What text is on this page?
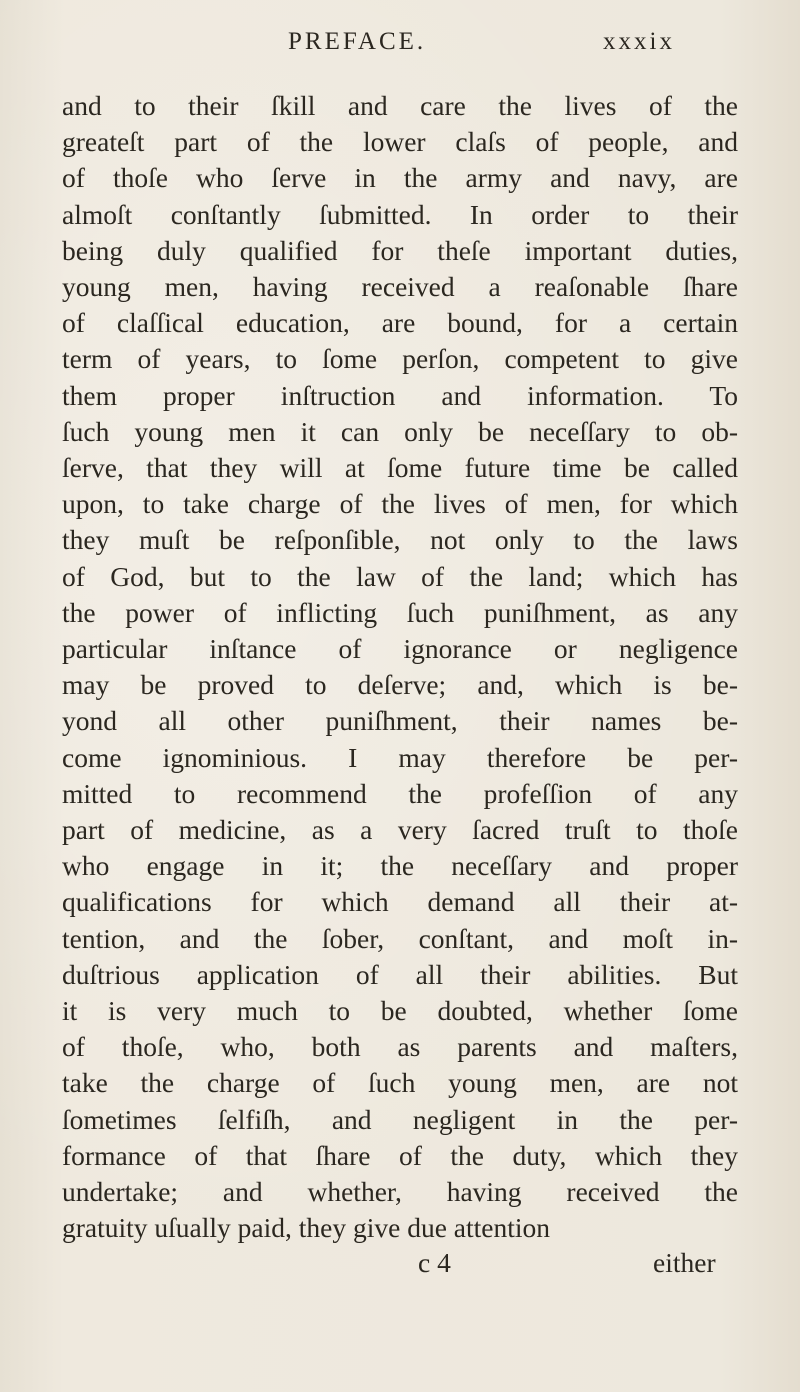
PREFACE.	xxxix
and to their ſkill and care the lives of the
greateſt part of the lower claſs of people, and
of thoſe who ſerve in the army and navy, are
almoſt conſtantly ſubmitted. In order to their
being duly qualified for theſe important duties,
young men, having received a reaſonable ſhare
of claſſical education, are bound, for a certain
term of years, to ſome perſon, competent to give
them proper inſtruction and information. To
ſuch young men it can only be neceſſary to ob-
ſerve, that they will at ſome future time be called
upon, to take charge of the lives of men, for which
they muſt be reſponſible, not only to the laws
of God, but to the law of the land; which has
the power of inflicting ſuch puniſhment, as any
particular inſtance of ignorance or negligence
may be proved to deſerve; and, which is be-
yond all other puniſhment, their names be-
come ignominious. I may therefore be per-
mitted to recommend the profeſſion of any
part of medicine, as a very ſacred truſt to thoſe
who engage in it; the neceſſary and proper
qualifications for which demand all their at-
tention, and the ſober, conſtant, and moſt in-
duſtrious application of all their abilities. But
it is very much to be doubted, whether ſome
of thoſe, who, both as parents and maſters,
take the charge of ſuch young men, are not
ſometimes ſelfiſh, and negligent in the per-
formance of that ſhare of the duty, which they
undertake; and whether, having received the
gratuity uſually paid, they give due attention
c 4	either
